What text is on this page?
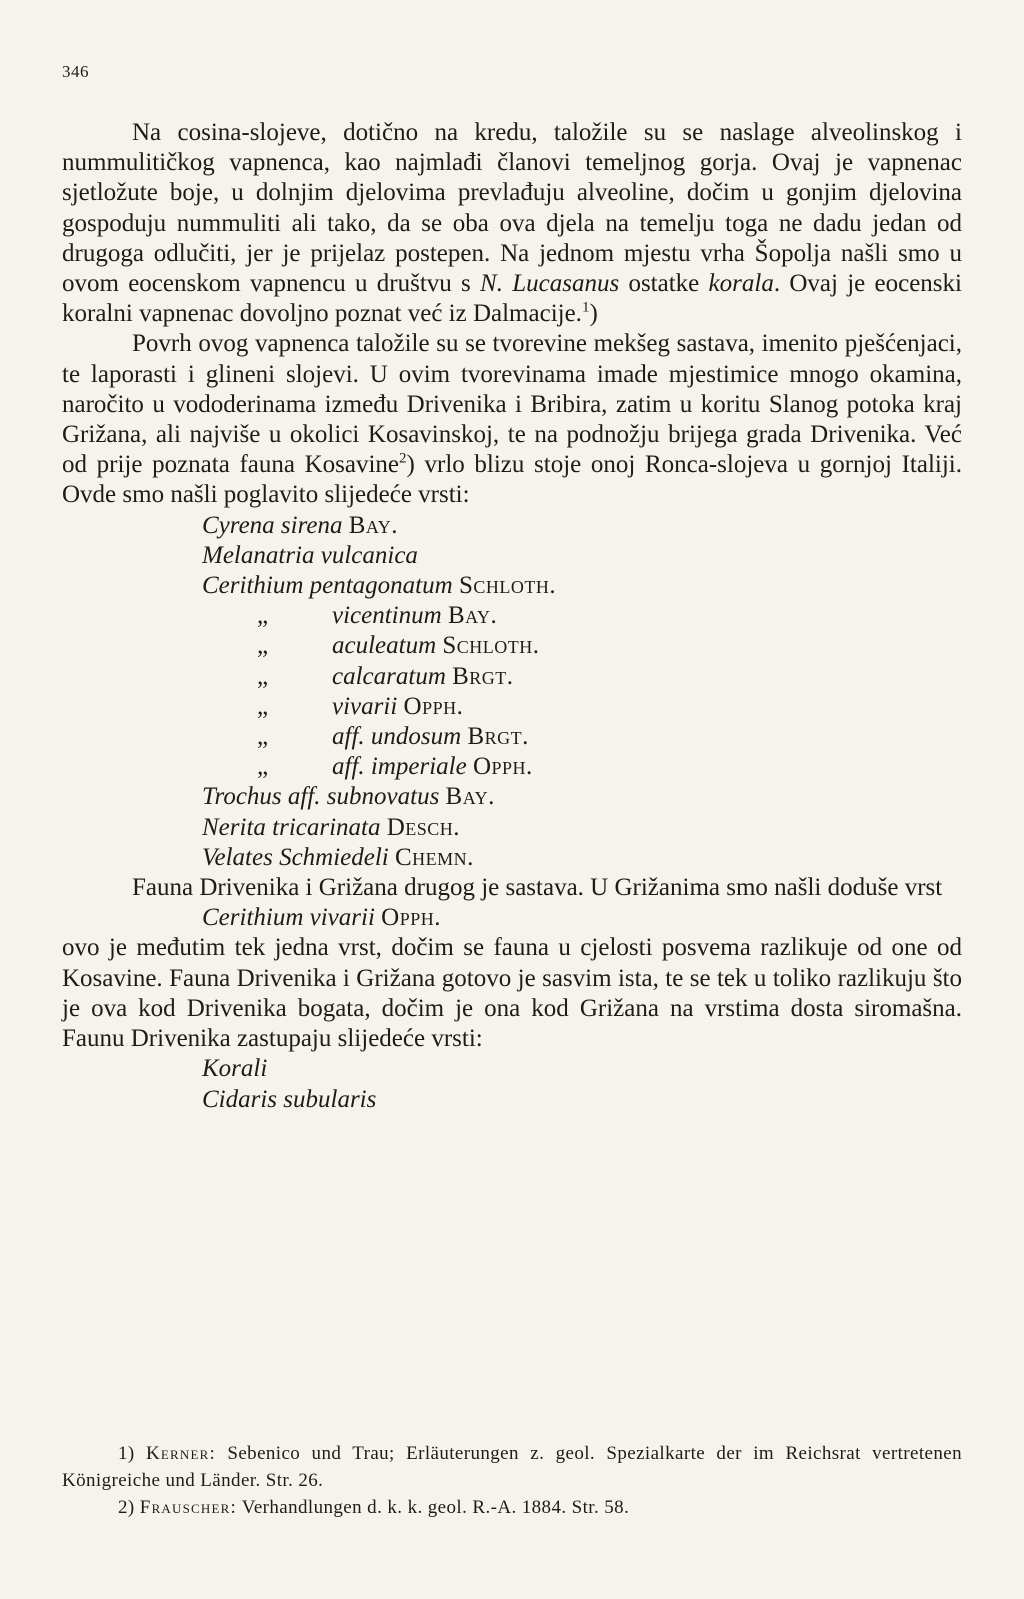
346

Na cosina-slojeve, dotično na kredu, taložile su se naslage alveolinskog i nummulitičkog vapnenca, kao najmlađi članovi temeljnog gorja. Ovaj je vapnenac sjetložute boje, u dolnjim djelovima prevlađuju alveoline, dočim u gonjim djelovina gospoduju nummuliti ali tako, da se oba ova djela na temelju toga ne dadu jedan od drugoga odlučiti, jer je prijelaz postepen. Na jednom mjestu vrha Šopolja našli smo u ovom eocenskom vapnencu u društvu s N. Lucasanus ostatke korala. Ovaj je eocenski koralni vapnenac dovoljno poznat već iz Dalmacije.$^1$)

Povrh ovog vapnenca taložile su se tvorevine mekšeg sastava, imenito pješćenjaci, te laporasti i glineni slojevi. U ovim tvorevinama imade mjestimice mnogo okamina, naročito u vododerinama između Drivenika i Bribira, zatim u koritu Slanog potoka kraj Grižana, ali najviše u okolici Kosavinskoj, te na podnožju brijega grada Drivenika. Već od prije poznata fauna Kosavine$^2$) vrlo blizu stoje onoj Ronca-slojeva u gornjoj Italiji. Ovde smo našli poglavito slijedeće vrsti:

Cyrena sirena Bay.
Melanatria vulcanica
Cerithium pentagonatum Schloth.
„	vicentinum Bay.
„	aculeatum Schloth.
„	calcaratum Brgt.
„	vivarii Opph.
„	aff. undosum Brgt.
„	aff. imperiale Opph.
Trochus aff. subnovatus Bay.
Nerita tricarinata Desch.
Velates Schmiedeli Chemn.

Fauna Drivenika i Grižana drugog je sastava. U Grižanima smo našli doduše vrst

Cerithium vivarii Opph.

ovo je međutim tek jedna vrst, dočim se fauna u cjelosti posvema razlikuje od one od Kosavine. Fauna Drivenika i Grižana gotovo je sasvim ista, te se tek u toliko razlikuju što je ova kod Drivenika bogata, dočim je ona kod Grižana na vrstima dosta siromašna. Faunu Drivenika zastupaju slijedeće vrsti:

Korali
Cidaris subularis

1) Kerner: Sebenico und Trau; Erläuterungen z. geol. Spezialkarte der im Reichsrat vertretenen Königreiche und Länder. Str. 26.

2) Frauscher: Verhandlungen d. k. k. geol. R.-A. 1884. Str. 58.
